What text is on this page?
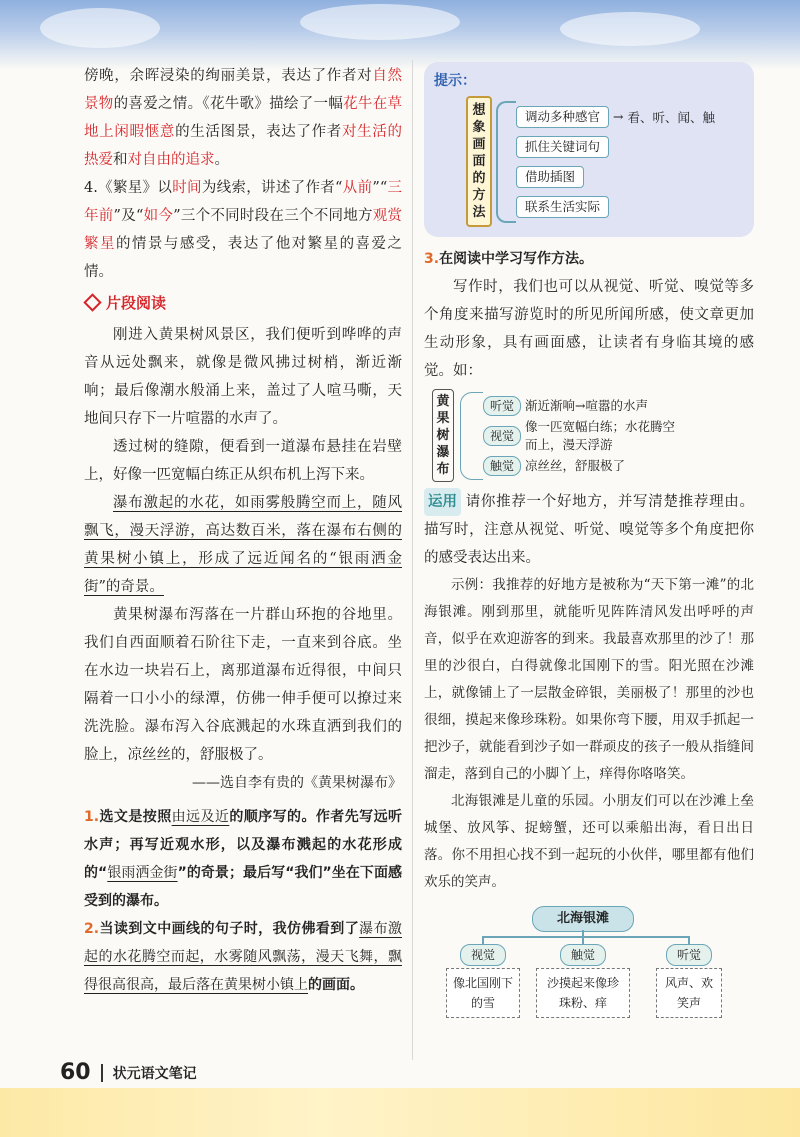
傍晚，余晖浸染的绚丽美景，表达了作者对自然景物的喜爱之情。《花牛歌》描绘了一幅花牛在草地上闲暇惬意的生活图景，表达了作者对生活的热爱和对自由的追求。

4.《繁星》以时间为线索，讲述了作者“从前”“三年前”及“如今”三个不同时段在三个不同地方观赏繁星的情景与感受，表达了他对繁星的喜爱之情。

片段阅读

刚进入黄果树风景区，我们便听到哗哗的声音从远处飘来，就像是微风拂过树梢，渐近渐响；最后像潮水般涌上来，盖过了人喧马嘶，天地间只存下一片喧嚣的水声了。

透过树的缝隙，便看到一道瀑布悬挂在岩壁上，好像一匹宽幅白练正从织布机上泻下来。

瀑布激起的水花，如雨雾般腾空而上，随风飘飞，漫天浮游，高达数百米，落在瀑布右侧的黄果树小镇上，形成了远近闻名的“银雨洒金街”的奇景。

黄果树瀑布泻落在一片群山环抱的谷地里。我们自西面顺着石阶往下走，一直来到谷底。坐在水边一块岩石上，离那道瀑布近得很，中间只隔着一口小小的绿潭，仿佛一伸手便可以撩过来洗洗脸。瀑布泻入谷底溅起的水珠直洒到我们的脸上，凉丝丝的，舒服极了。

——选自李有贵的《黄果树瀑布》

1.选文是按照由远及近的顺序写的。作者先写远听水声；再写近观水形，以及瀑布溅起的水花形成的“银雨洒金街”的奇景；最后写“我们”坐在下面感受到的瀑布。

2.当读到文中画线的句子时，我仿佛看到了瀑布激起的水花腾空而起，水雾随风飘荡，漫天飞舞，飘得很高很高，最后落在黄果树小镇上的画面。

提示：
想象画面的方法
调动多种感官	→ 看、听、闻、触
抓住关键词句
借助插图
联系生活实际

3.在阅读中学习写作方法。

写作时，我们也可以从视觉、听觉、嗅觉等多个角度来描写游览时的所见所闻所感，使文章更加生动形象，具有画面感，让读者有身临其境的感觉。如：

黄果树瀑布
听觉 渐近渐响→喧嚣的水声
视觉
像一匹宽幅白练；水花腾空而上，漫天浮游
触觉 凉丝丝，舒服极了

运用 请你推荐一个好地方，并写清楚推荐理由。描写时，注意从视觉、听觉、嗅觉等多个角度把你的感受表达出来。

示例：我推荐的好地方是被称为“天下第一滩”的北海银滩。刚到那里，就能听见阵阵清风发出呼呼的声音，似乎在欢迎游客的到来。我最喜欢那里的沙了！那里的沙很白，白得就像北国刚下的雪。阳光照在沙滩上，就像铺上了一层散金碎银，美丽极了！那里的沙也很细，摸起来像珍珠粉。如果你弯下腰，用双手抓起一把沙子，就能看到沙子如一群顽皮的孩子一般从指缝间溜走，落到自己的小脚丫上，痒得你咯咯笑。

北海银滩是儿童的乐园。小朋友们可以在沙滩上垒城堡、放风筝、捉螃蟹，还可以乘船出海，看日出日落。你不用担心找不到一起玩的小伙伴，哪里都有他们欢乐的笑声。

北海银滩
视觉	触觉	听觉
像北国刚下的雪
沙摸起来像珍珠粉、痒
风声、欢笑声
60 状元语文笔记
